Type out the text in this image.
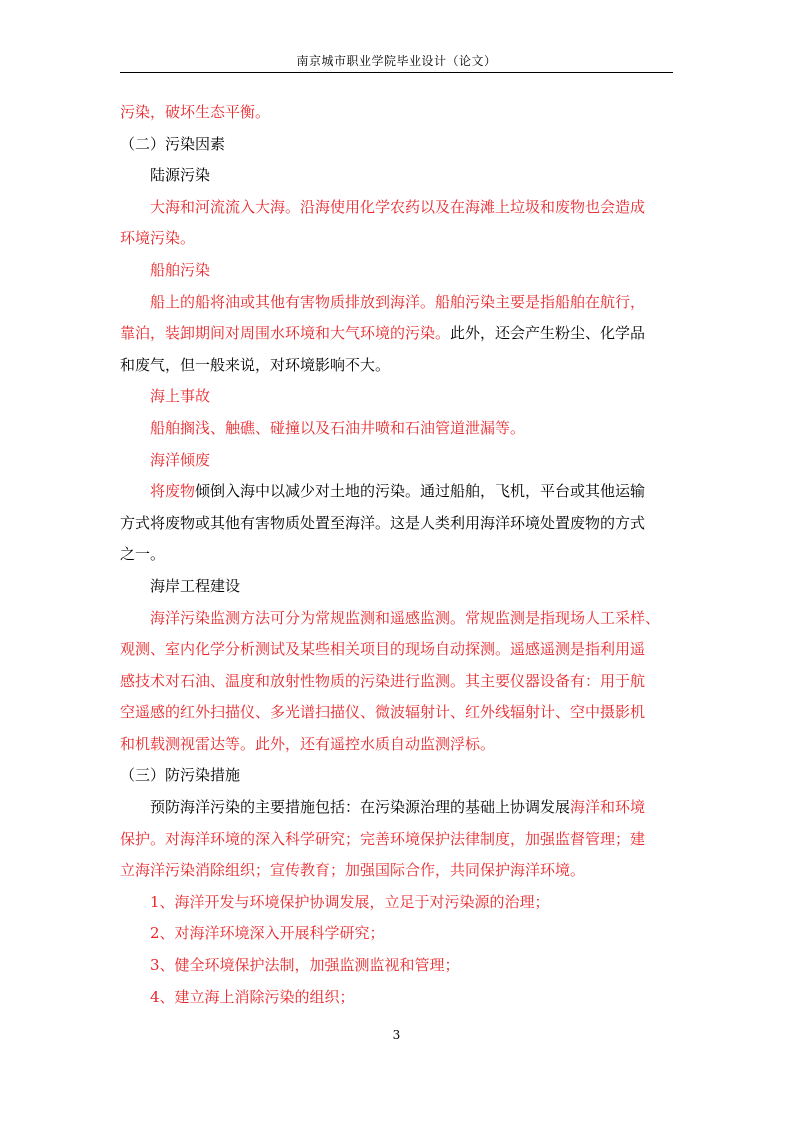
南京城市职业学院毕业设计（论文）

污染，破坏生态平衡。

（二）污染因素

陆源污染

大海和河流流入大海。沿海使用化学农药以及在海滩上垃圾和废物也会造成

环境污染。

船舶污染

船上的船将油或其他有害物质排放到海洋。船舶污染主要是指船舶在航行，

靠泊，装卸期间对周围水环境和大气环境的污染。此外，还会产生粉尘、化学品

和废气，但一般来说，对环境影响不大。

海上事故

船舶搁浅、触礁、碰撞以及石油井喷和石油管道泄漏等。

海洋倾废

将废物倾倒入海中以减少对土地的污染。通过船舶，飞机，平台或其他运输

方式将废物或其他有害物质处置至海洋。这是人类利用海洋环境处置废物的方式

之一。

海岸工程建设

海洋污染监测方法可分为常规监测和遥感监测。常规监测是指现场人工采样、

观测、室内化学分析测试及某些相关项目的现场自动探测。遥感遥测是指利用遥

感技术对石油、温度和放射性物质的污染进行监测。其主要仪器设备有：用于航

空遥感的红外扫描仪、多光谱扫描仪、微波辐射计、红外线辐射计、空中摄影机

和机载测视雷达等。此外，还有遥控水质自动监测浮标。

（三）防污染措施

预防海洋污染的主要措施包括：在污染源治理的基础上协调发展海洋和环境

保护。对海洋环境的深入科学研究；完善环境保护法律制度，加强监督管理；建

立海洋污染消除组织；宣传教育；加强国际合作，共同保护海洋环境。

1、海洋开发与环境保护协调发展，立足于对污染源的治理；

2、对海洋环境深入开展科学研究；

3、健全环境保护法制，加强监测监视和管理；

4、建立海上消除污染的组织；

3
